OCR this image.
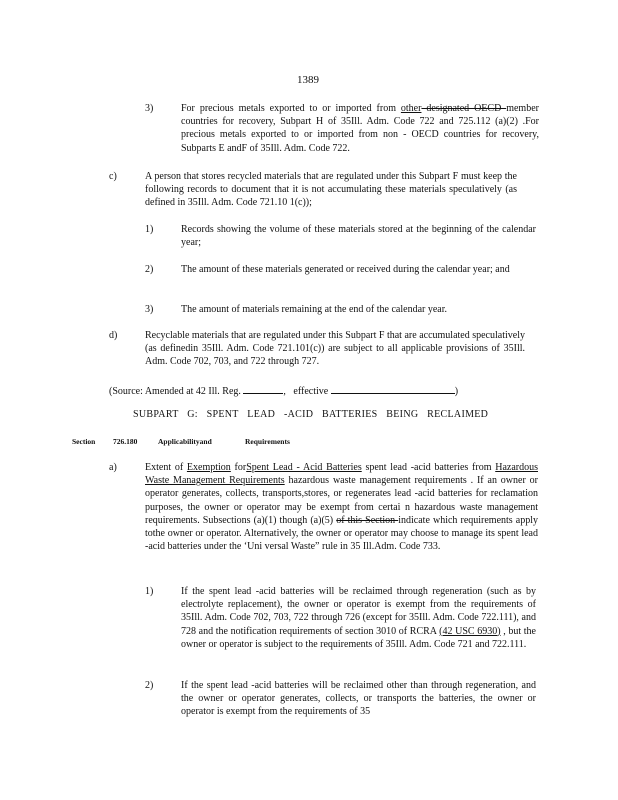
1389
3)	For precious metals exported to or imported from other designated OECD member countries for recovery, Subpart H of 35Ill. Adm. Code 722 and 725.112 (a)(2) .For precious metals exported to or imported from non - OECD countries for recovery, Subparts E andF of 35Ill. Adm. Code 722.
c)	A person that stores recycled materials that are regulated under this Subpart F must keep the following records to document that it is not accumulating these materials speculatively (as defined in 35Ill. Adm. Code 721.10 1(c));
1)	Records showing the volume of these materials stored at the beginning of the calendar year;
2)	The amount of these materials generated or received during the calendar year; and
3)	The amount of materials remaining at the end of the calendar year.
d)	Recyclable materials that are regulated under this Subpart F that are accumulated speculatively (as definedin 35Ill. Adm. Code 721.101(c)) are subject to all applicable provisions of 35Ill. Adm. Code 702, 703, and 722 through 727.
(Source: Amended at 42 Ill. Reg.	, effective	)
SUBPART G: SPENT LEAD -ACID BATTERIES BEING RECLAIMED
Section 726.180	Applicabilityand	Requirements
a)	Extent of Exemption forSpent Lead - Acid Batteries spent lead -acid batteries from Hazardous Waste Management Requirements hazardous waste management requirements . If an owner or operator generates, collects, transports,stores, or regenerates lead -acid batteries for reclamation purposes, the owner or operator may be exempt from certai n hazardous waste management requirements. Subsections (a)(1) though (a)(5) of this Section indicate which requirements apply tothe owner or operator. Alternatively, the owner or operator may choose to manage its spent lead -acid batteries under the ‘Uni versal Waste” rule in 35 Ill.Adm. Code 733.
1)	If the spent lead -acid batteries will be reclaimed through regeneration (such as by electrolyte replacement), the owner or operator is exempt from the requirements of 35Ill. Adm. Code 702, 703, 722 through 726 (except for 35Ill. Adm. Code 722.111), and 728 and the notification requirements of section 3010 of RCRA (42 USC 6930) , but the owner or operator is subject to the requirements of 35Ill. Adm. Code 721 and 722.111.
2)	If the spent lead -acid batteries will be reclaimed other than through regeneration, and the owner or operator generates, collects, or transports the batteries, the owner or operator is exempt from the requirements of 35
